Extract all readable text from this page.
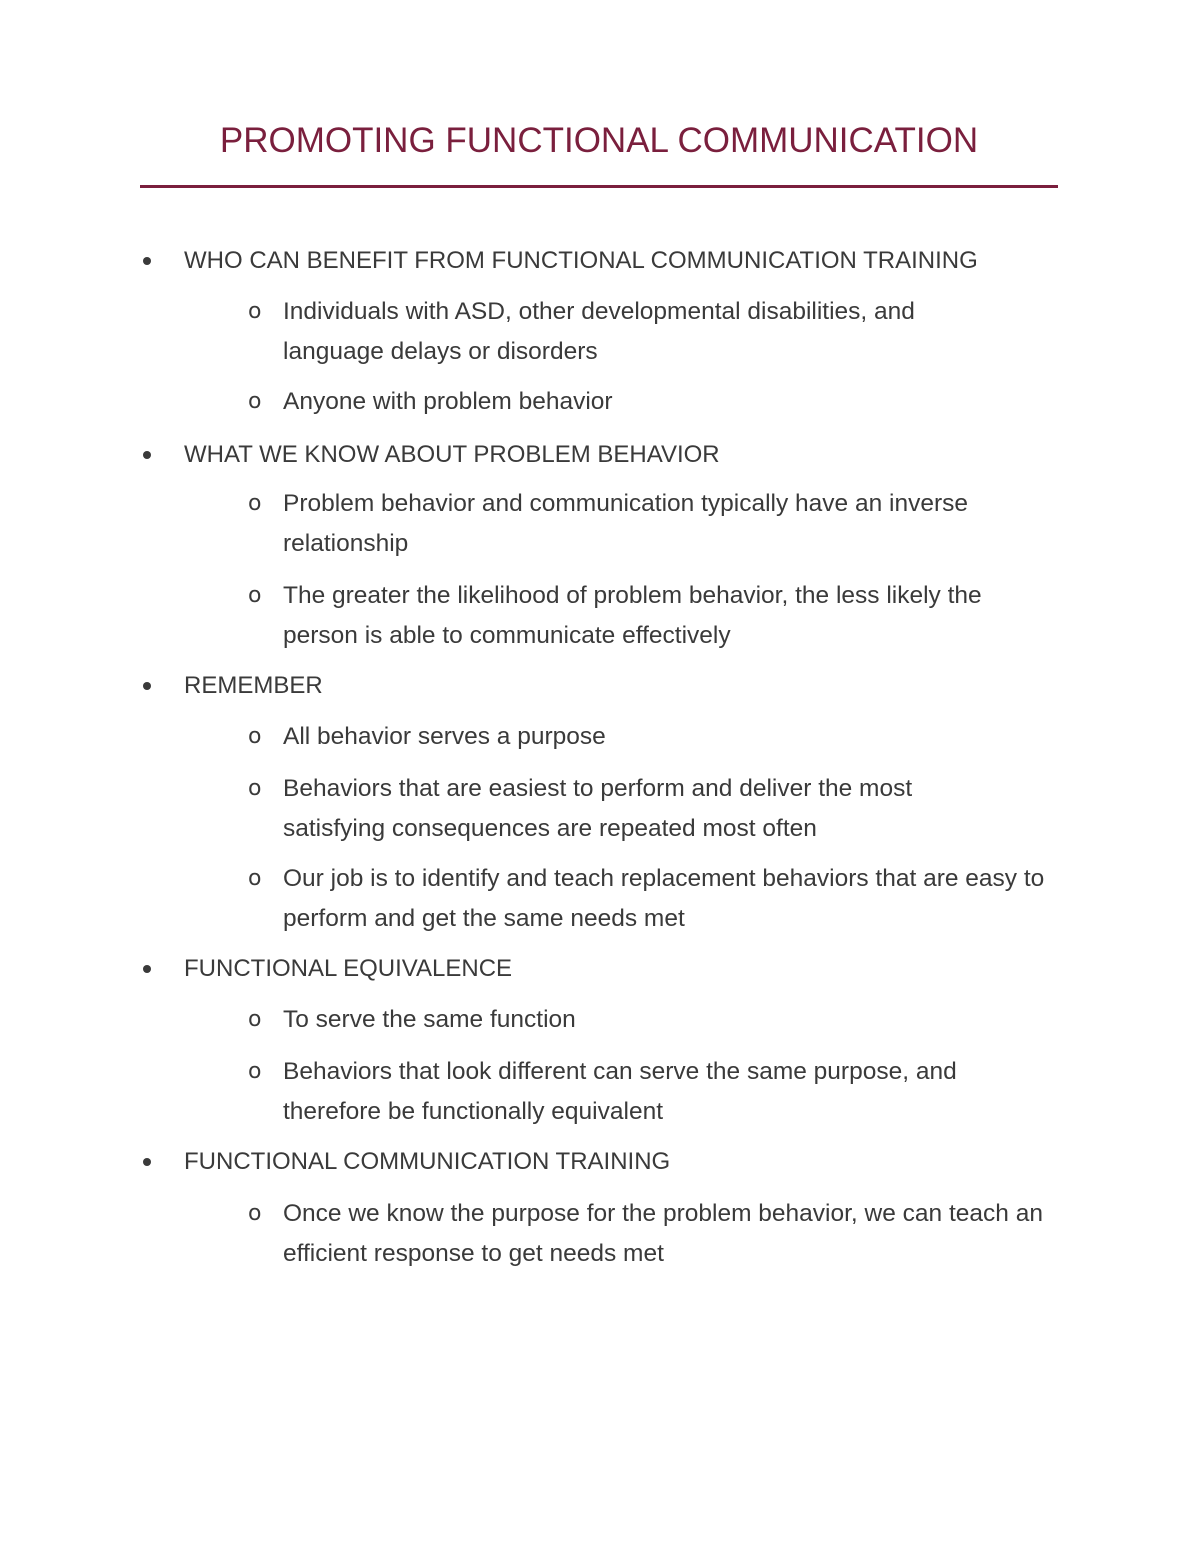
PROMOTING FUNCTIONAL COMMUNICATION
WHO CAN BENEFIT FROM FUNCTIONAL COMMUNICATION TRAINING
o Individuals with ASD, other developmental disabilities, and language delays or disorders
o Anyone with problem behavior
WHAT WE KNOW ABOUT PROBLEM BEHAVIOR
o Problem behavior and communication typically have an inverse relationship
o The greater the likelihood of problem behavior, the less likely the person is able to communicate effectively
REMEMBER
o All behavior serves a purpose
o Behaviors that are easiest to perform and deliver the most satisfying consequences are repeated most often
o Our job is to identify and teach replacement behaviors that are easy to perform and get the same needs met
FUNCTIONAL EQUIVALENCE
o To serve the same function
o Behaviors that look different can serve the same purpose, and therefore be functionally equivalent
FUNCTIONAL COMMUNICATION TRAINING
o Once we know the purpose for the problem behavior, we can teach an efficient response to get needs met
